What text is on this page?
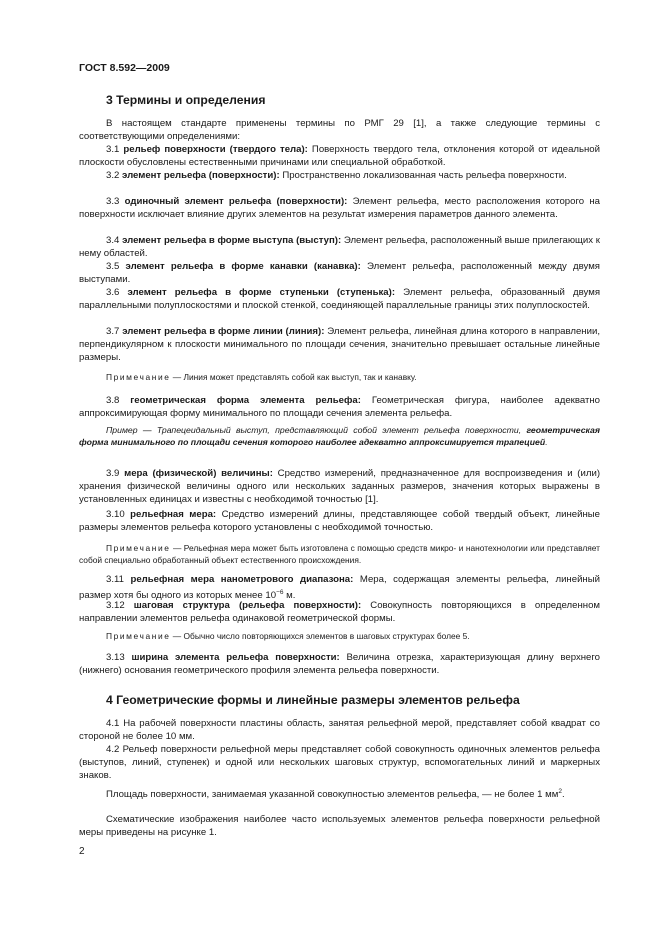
ГОСТ 8.592—2009

3 Термины и определения

В настоящем стандарте применены термины по РМГ 29 [1], а также следующие термины с соответствующими определениями:

3.1 рельеф поверхности (твердого тела): Поверхность твердого тела, отклонения которой от идеальной плоскости обусловлены естественными причинами или специальной обработкой.

3.2 элемент рельефа (поверхности): Пространственно локализованная часть рельефа поверхности.

3.3 одиночный элемент рельефа (поверхности): Элемент рельефа, место расположения которого на поверхности исключает влияние других элементов на результат измерения параметров данного элемента.

3.4 элемент рельефа в форме выступа (выступ): Элемент рельефа, расположенный выше прилегающих к нему областей.

3.5 элемент рельефа в форме канавки (канавка): Элемент рельефа, расположенный между двумя выступами.

3.6 элемент рельефа в форме ступеньки (ступенька): Элемент рельефа, образованный двумя параллельными полуплоскостями и плоской стенкой, соединяющей параллельные границы этих полуплоскостей.

3.7 элемент рельефа в форме линии (линия): Элемент рельефа, линейная длина которого в направлении, перпендикулярном к плоскости минимального по площади сечения, значительно превышает остальные линейные размеры.

Примечание — Линия может представлять собой как выступ, так и канавку.

3.8 геометрическая форма элемента рельефа: Геометрическая фигура, наиболее адекватно аппроксимирующая форму минимального по площади сечения элемента рельефа.

Пример — Трапецеидальный выступ, представляющий собой элемент рельефа поверхности, геометрическая форма минимального по площади сечения которого наиболее адекватно аппроксимируется трапецией.

3.9 мера (физической) величины: Средство измерений, предназначенное для воспроизведения и (или) хранения физической величины одного или нескольких заданных размеров, значения которых выражены в установленных единицах и известны с необходимой точностью [1].

3.10 рельефная мера: Средство измерений длины, представляющее собой твердый объект, линейные размеры элементов рельефа которого установлены с необходимой точностью.

Примечание — Рельефная мера может быть изготовлена с помощью средств микро- и нанотехнологии или представляет собой специально обработанный объект естественного происхождения.

3.11 рельефная мера нанометрового диапазона: Мера, содержащая элементы рельефа, линейный размер хотя бы одного из которых менее $10^{-6}$ м.

3.12 шаговая структура (рельефа поверхности): Совокупность повторяющихся в определенном направлении элементов рельефа одинаковой геометрической формы.

Примечание — Обычно число повторяющихся элементов в шаговых структурах более 5.

3.13 ширина элемента рельефа поверхности: Величина отрезка, характеризующая длину верхнего (нижнего) основания геометрического профиля элемента рельефа поверхности.

4 Геометрические формы и линейные размеры элементов рельефа

4.1 На рабочей поверхности пластины область, занятая рельефной мерой, представляет собой квадрат со стороной не более 10 мм.

4.2 Рельеф поверхности рельефной меры представляет собой совокупность одиночных элементов рельефа (выступов, линий, ступенек) и одной или нескольких шаговых структур, вспомогательных линий и маркерных знаков.

Площадь поверхности, занимаемая указанной совокупностью элементов рельефа, — не более 1 $мм^2$.

Схематические изображения наиболее часто используемых элементов рельефа поверхности рельефной меры приведены на рисунке 1.

2
